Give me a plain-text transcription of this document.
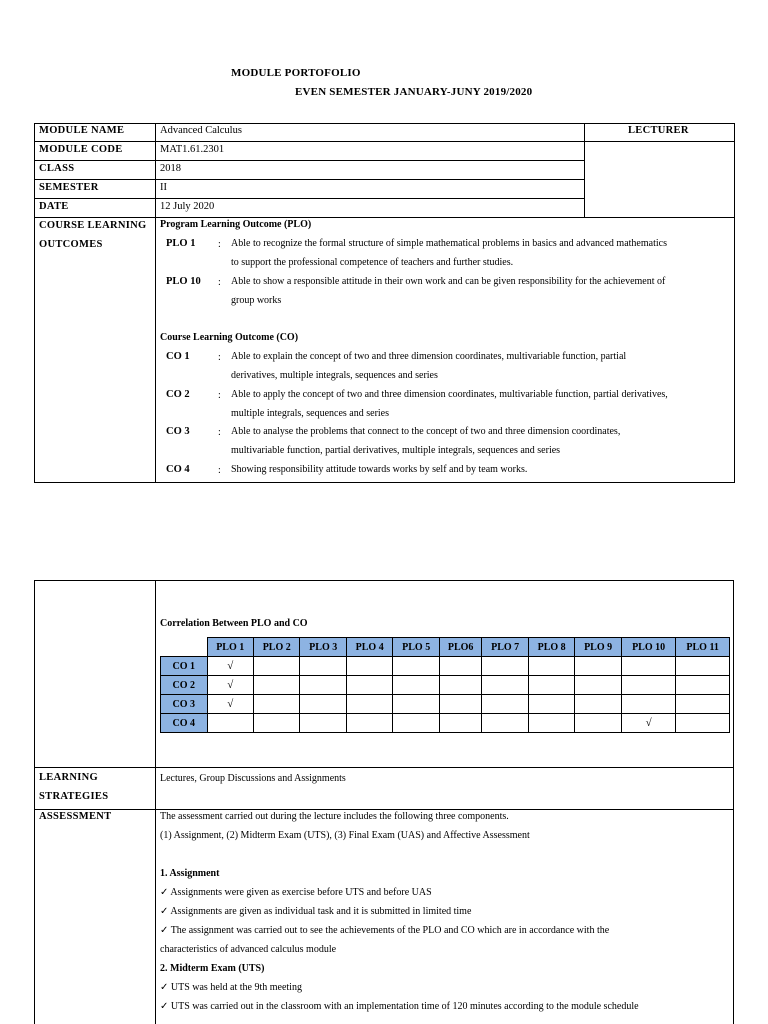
MODULE PORTOFOLIO
EVEN SEMESTER JANUARY-JUNY 2019/2020
MODULE NAME	Advanced Calculus	LECTURER
MODULE CODE	MAT1.61.2301
CLASS	2018
SEMESTER	II
DATE	12 July 2020
COURSE LEARNING
OUTCOMES
Program Learning Outcome (PLO)
PLO 1 : Able to recognize the formal structure of simple mathematical problems in basics and advanced mathematics
to support the professional competence of teachers and further studies.
PLO 10 : Able to show a responsible attitude in their own work and can be given responsibility for the achievement of
group works
Course Learning Outcome (CO)
CO 1	: Able to explain the concept of two and three dimension coordinates, multivariable function, partial
derivatives, multiple integrals, sequences and series
CO 2	: Able to apply the concept of two and three dimension coordinates, multivariable function, partial derivatives,
multiple integrals, sequences and series
CO 3	: Able to analyse the problems that connect to the concept of two and three dimension coordinates,
multivariable function, partial derivatives, multiple integrals, sequences and series
CO 4	: Showing responsibility attitude towards works by self and by team works.
Correlation Between PLO and CO
	PLO 1	PLO 2	PLO 3	PLO 4	PLO 5	PLO6	PLO 7	PLO 8	PLO 9	PLO 10	PLO 11
CO 1	√										
CO 2	√										
CO 3	√										
CO 4										√	
LEARNING
STRATEGIES
Lectures, Group Discussions and Assignments
ASSESSMENT	The assessment carried out during the lecture includes the following three components.
(1) Assignment, (2) Midterm Exam (UTS), (3) Final Exam (UAS) and Affective Assessment
1. Assignment
✓ Assignments were given as exercise before UTS and before UAS
✓ Assignments are given as individual task and it is submitted in limited time
✓ The assignment was carried out to see the achievements of the PLO and CO which are in accordance with the
characteristics of advanced calculus module
2. Midterm Exam (UTS)
✓ UTS was held at the 9th meeting
✓ UTS was carried out in the classroom with an implementation time of 120 minutes according to the module schedule
